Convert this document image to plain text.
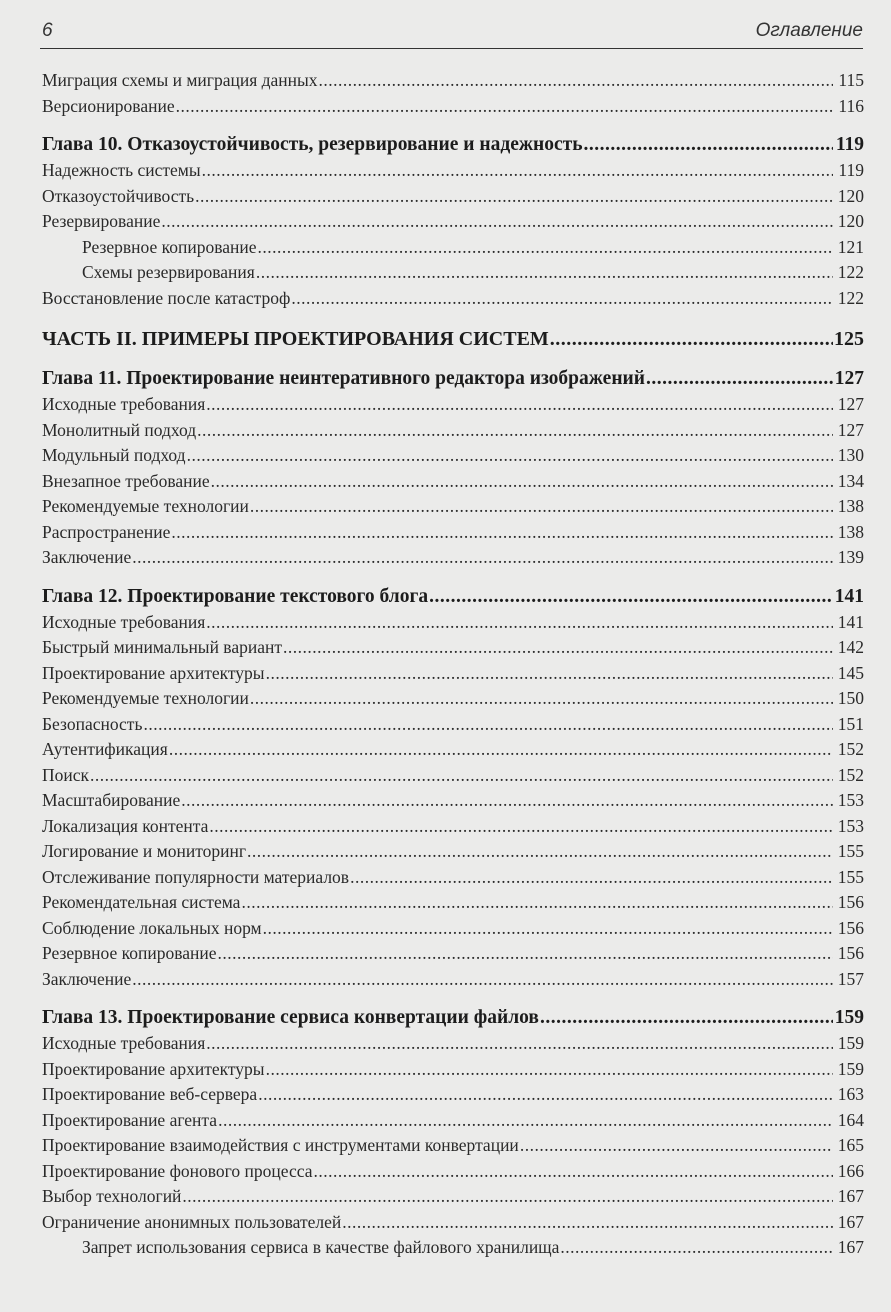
6	Оглавление
Миграция схемы и миграция данных .....	115
Версионирование .....	116
Глава 10. Отказоустойчивость, резервирование и надежность .....	119
Надежность системы .....	119
Отказоустойчивость .....	120
Резервирование .....	120
Резервное копирование .....	121
Схемы резервирования .....	122
Восстановление после катастроф .....	122
ЧАСТЬ II. ПРИМЕРЫ ПРОЕКТИРОВАНИЯ СИСТЕМ .....	125
Глава 11. Проектирование неинтеративного редактора изображений .....	127
Исходные требования .....	127
Монолитный подход .....	127
Модульный подход .....	130
Внезапное требование .....	134
Рекомендуемые технологии .....	138
Распространение .....	138
Заключение .....	139
Глава 12. Проектирование текстового блога .....	141
Исходные требования .....	141
Быстрый минимальный вариант .....	142
Проектирование архитектуры .....	145
Рекомендуемые технологии .....	150
Безопасность .....	151
Аутентификация .....	152
Поиск .....	152
Масштабирование .....	153
Локализация контента .....	153
Логирование и мониторинг .....	155
Отслеживание популярности материалов .....	155
Рекомендательная система .....	156
Соблюдение локальных норм .....	156
Резервное копирование .....	156
Заключение .....	157
Глава 13. Проектирование сервиса конвертации файлов .....	159
Исходные требования .....	159
Проектирование архитектуры .....	159
Проектирование веб-сервера .....	163
Проектирование агента .....	164
Проектирование взаимодействия с инструментами конвертации .....	165
Проектирование фонового процесса .....	166
Выбор технологий .....	167
Ограничение анонимных пользователей .....	167
Запрет использования сервиса в качестве файлового хранилища .....	167
